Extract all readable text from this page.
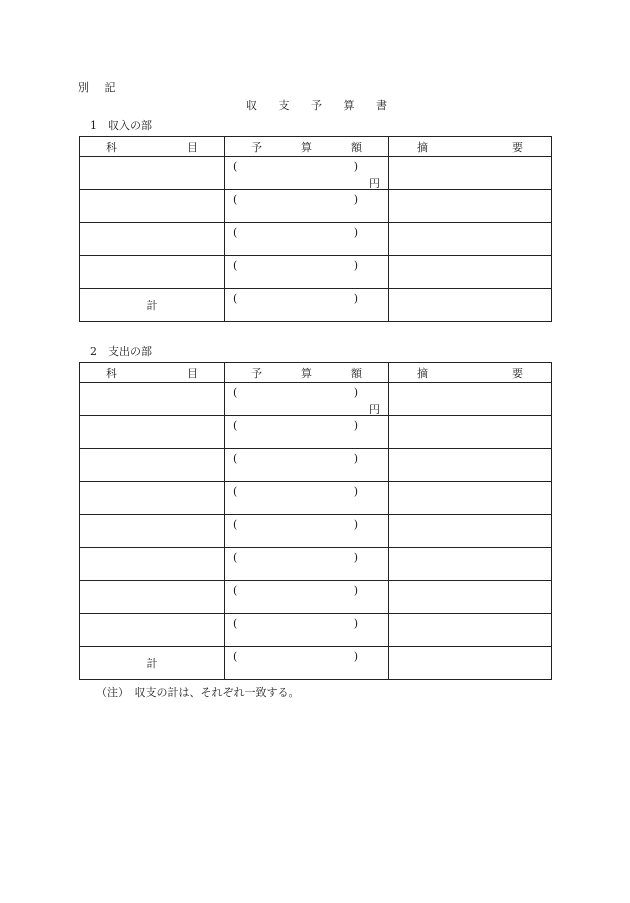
別 記
収 支 予 算 書
1　収入の部
科 目	予 算 額	摘 要

	( )
円	

	( )	

	( )	

	( )	

計	( )	

2　支出の部
科 目	予 算 額	摘 要

	( )
円	

	( )	

	( )	

	( )	

	( )	

	( )	

	( )	

	( )	

計	( )	

（注）　収支の計は、それぞれ一致する。
